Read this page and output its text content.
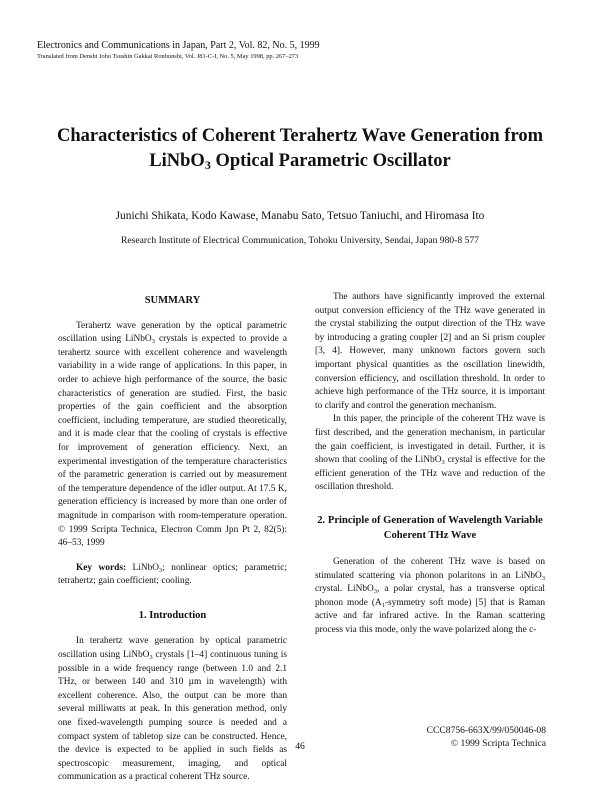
Electronics and Communications in Japan, Part 2, Vol. 82, No. 5, 1999
Translated from Denshi Joho Tsushin Gakkai Ronbunshi, Vol. J81-C-I, No. 5, May 1998, pp. 267–273
Characteristics of Coherent Terahertz Wave Generation from
LiNbO$_3$ Optical Parametric Oscillator
Junichi Shikata, Kodo Kawase, Manabu Sato, Tetsuo Taniuchi, and Hiromasa Ito
Research Institute of Electrical Communication, Tohoku University, Sendai, Japan 980-8 577

SUMMARY

Terahertz wave generation by the optical parametric oscillation using LiNbO$_3$ crystals is expected to provide a terahertz source with excellent coherence and wavelength variability in a wide range of applications. In this paper, in order to achieve high performance of the source, the basic characteristics of generation are studied. First, the basic properties of the gain coefficient and the absorption coefficient, including temperature, are studied theoretically, and it is made clear that the cooling of crystals is effective for improvement of generation efficiency. Next, an experimental investigation of the temperature characteristics of the parametric generation is carried out by measurement of the temperature dependence of the idler output. At 17.5 K, generation efficiency is increased by more than one order of magnitude in comparison with room-temperature operation. © 1999 Scripta Technica, Electron Comm Jpn Pt 2, 82(5): 46–53, 1999

Key words: LiNbO$_3$; nonlinear optics; parametric; tetrahertz; gain coefficient; cooling.

1. Introduction

In terahertz wave generation by optical parametric oscillation using LiNbO$_3$ crystals [1–4] continuous tuning is possible in a wide frequency range (between 1.0 and 2.1 THz, or between 140 and 310 µm in wavelength) with excellent coherence. Also, the output can be more than several milliwatts at peak. In this generation method, only one fixed-wavelength pumping source is needed and a compact system of tabletop size can be constructed. Hence, the device is expected to be applied in such fields as spectroscopic measurement, imaging, and optical communication as a practical coherent THz source.

The authors have significantly improved the external output conversion efficiency of the THz wave generated in the crystal stabilizing the output direction of the THz wave by introducing a grating coupler [2] and an Si prism coupler [3, 4]. However, many unknown factors govern such important physical quantities as the oscillation linewidth, conversion efficiency, and oscillation threshold. In order to achieve high performance of the THz source, it is important to clarify and control the generation mechanism.

In this paper, the principle of the coherent THz wave is first described, and the generation mechanism, in particular the gain coefficient, is investigated in detail. Further, it is shown that cooling of the LiNbO$_3$ crystal is effective for the efficient generation of the THz wave and reduction of the oscillation threshold.

2. Principle of Generation of Wavelength Variable Coherent THz Wave

Generation of the coherent THz wave is based on stimulated scattering via phonon polaritons in an LiNbO$_3$ crystal. LiNbO$_3$, a polar crystal, has a transverse optical phonon mode ($A_1$-symmetry soft mode) [5] that is Raman active and far infrared active. In the Raman scattering process via this mode, only the wave polarized along the c-

CCC8756-663X/99/050046-08
© 1999 Scripta Technica
46
